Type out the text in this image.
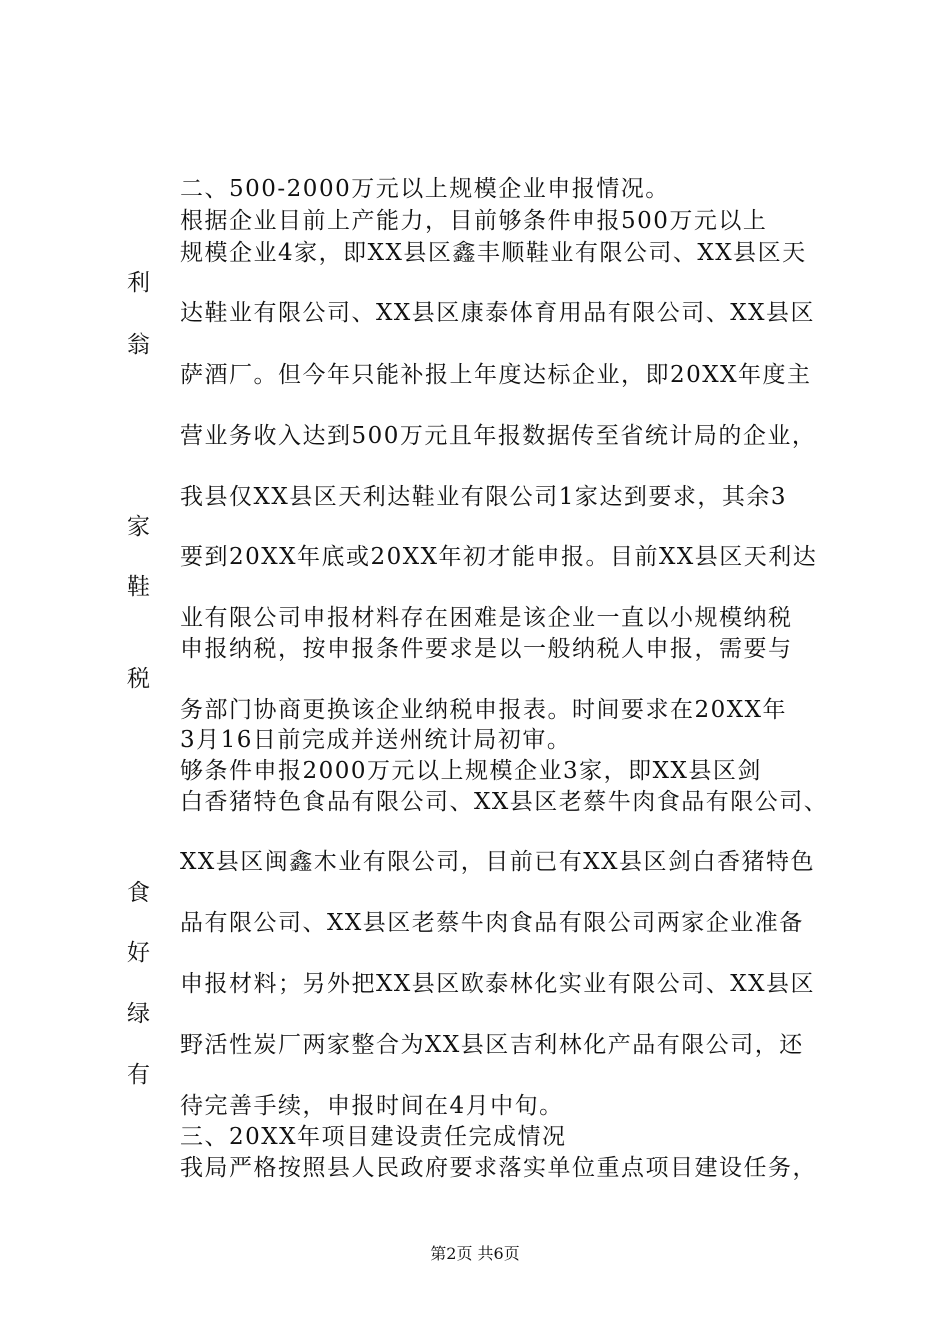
二、500-2000万元以上规模企业申报情况。
根据企业目前上产能力，目前够条件申报500万元以上
规模企业4家，即XX县区鑫丰顺鞋业有限公司、XX县区天
达鞋业有限公司、XX县区康泰体育用品有限公司、XX县区
萨酒厂。但今年只能补报上年度达标企业，即20XX年度主
营业务收入达到500万元且年报数据传至省统计局的企业，
我县仅XX县区天利达鞋业有限公司1家达到要求，其余3
要到20XX年底或20XX年初才能申报。目前XX县区天利达
业有限公司申报材料存在困难是该企业一直以小规模纳税
申报纳税，按申报条件要求是以一般纳税人申报，需要与
务部门协商更换该企业纳税申报表。时间要求在20XX年
3月16日前完成并送州统计局初审。
够条件申报2000万元以上规模企业3家，即XX县区剑
白香猪特色食品有限公司、XX县区老蔡牛肉食品有限公司、
XX县区闽鑫木业有限公司，目前已有XX县区剑白香猪特色
品有限公司、XX县区老蔡牛肉食品有限公司两家企业准备
申报材料；另外把XX县区欧泰林化实业有限公司、XX县区
野活性炭厂两家整合为XX县区吉利林化产品有限公司，还
待完善手续，申报时间在4月中旬。
三、20XX年项目建设责任完成情况
我局严格按照县人民政府要求落实单位重点项目建设任务，
利
翁
家
鞋
税
食
好
绿
有
第2页 共6页
